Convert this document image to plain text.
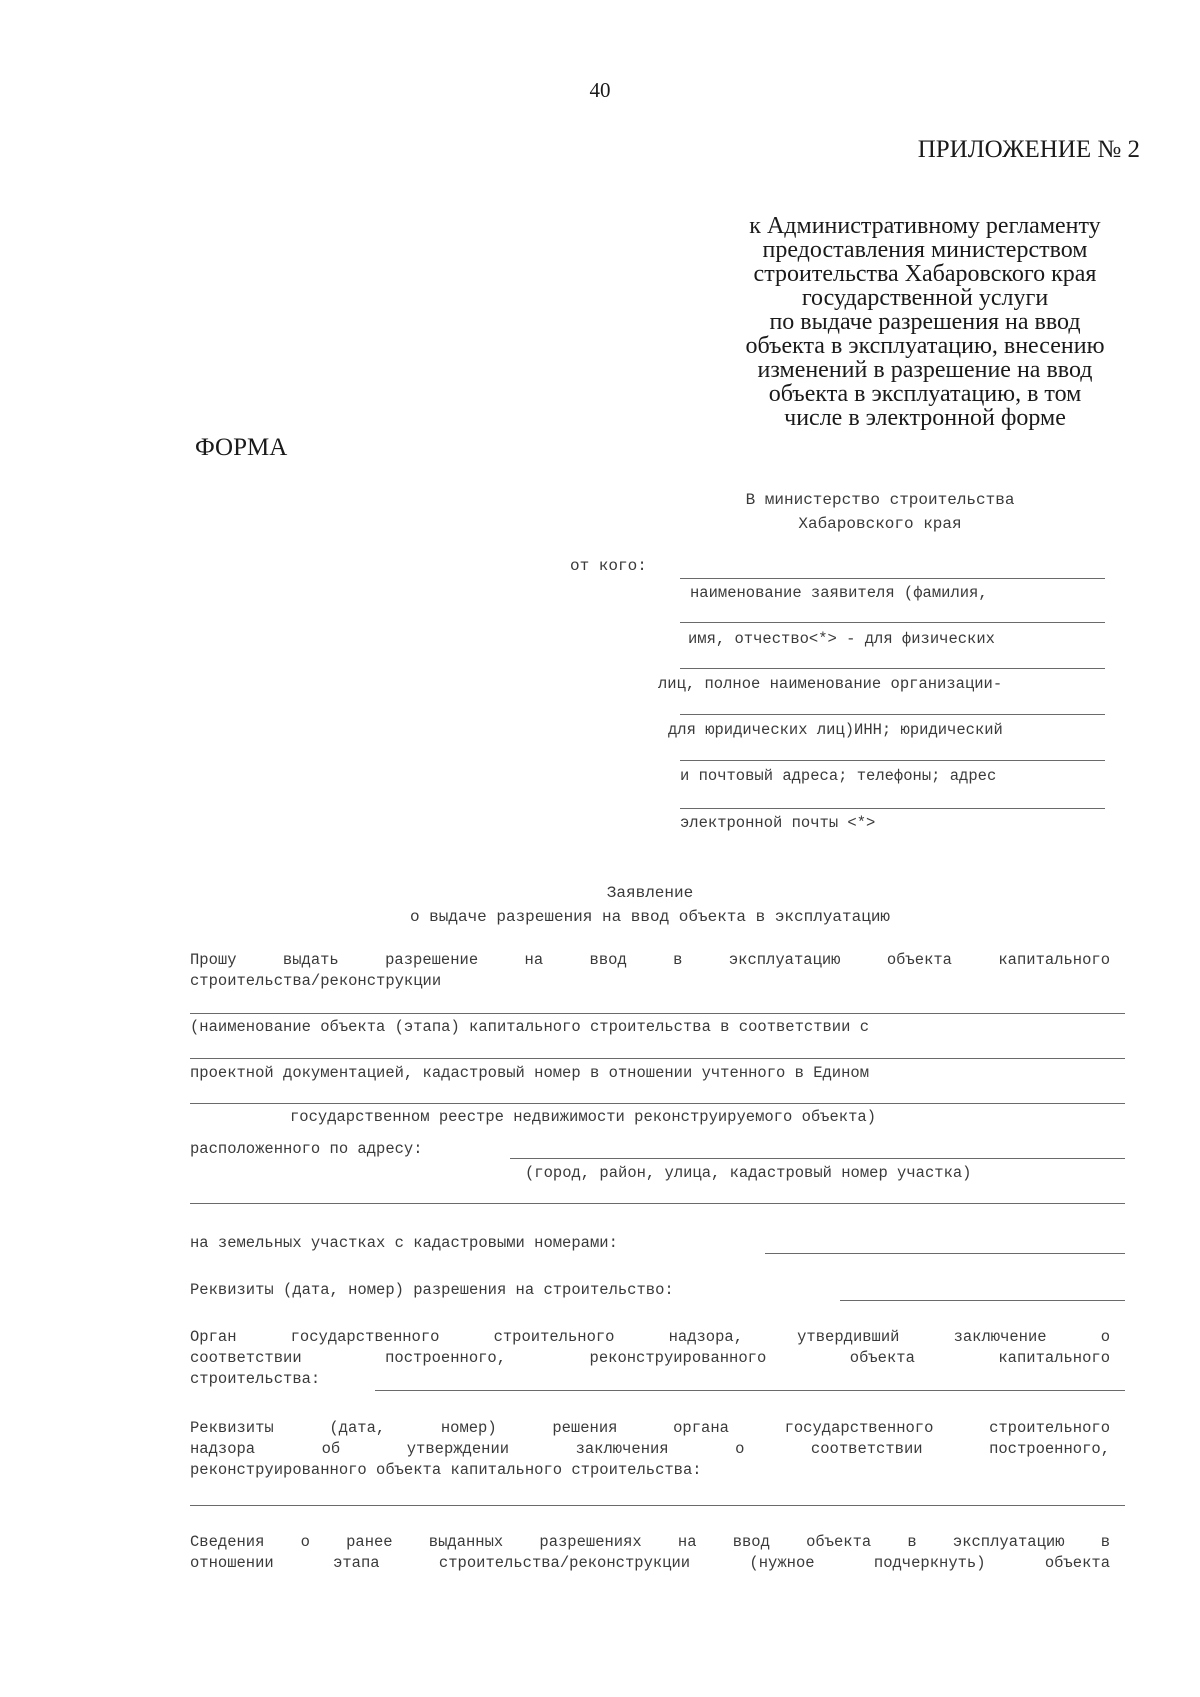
40
ПРИЛОЖЕНИЕ № 2
к Административному регламенту
предоставления министерством
строительства Хабаровского края
государственной услуги
по выдаче разрешения на ввод
объекта в эксплуатацию, внесению
изменений в разрешение на ввод
объекта в эксплуатацию, в том
числе в электронной форме
ФОРМА
В министерство строительства
Хабаровского края
от кого:
наименование заявителя (фамилия,
имя, отчество<*> - для физических
лиц, полное наименование организации-
для юридических лиц)ИНН; юридический
и почтовый адреса; телефоны; адрес
электронной почты <*>
Заявление
о выдаче разрешения на ввод объекта в эксплуатацию
Прошу выдать разрешение на ввод в эксплуатацию объекта капитального
строительства/реконструкции
(наименование объекта (этапа) капитального строительства в соответствии с
проектной документацией, кадастровый номер в отношении учтенного в Едином
государственном реестре недвижимости реконструируемого объекта)
расположенного по адресу:
(город, район, улица, кадастровый номер участка)
на земельных участках с кадастровыми номерами:
Реквизиты (дата, номер) разрешения на строительство:
Орган государственного строительного надзора, утвердивший заключение о
соответствии построенного, реконструированного объекта капитального
строительства:
Реквизиты (дата, номер) решения органа государственного строительного
надзора об утверждении заключения о соответствии построенного,
реконструированного объекта капитального строительства:
Сведения о ранее выданных разрешениях на ввод объекта в эксплуатацию в
отношении этапа строительства/реконструкции (нужное подчеркнуть) объекта
